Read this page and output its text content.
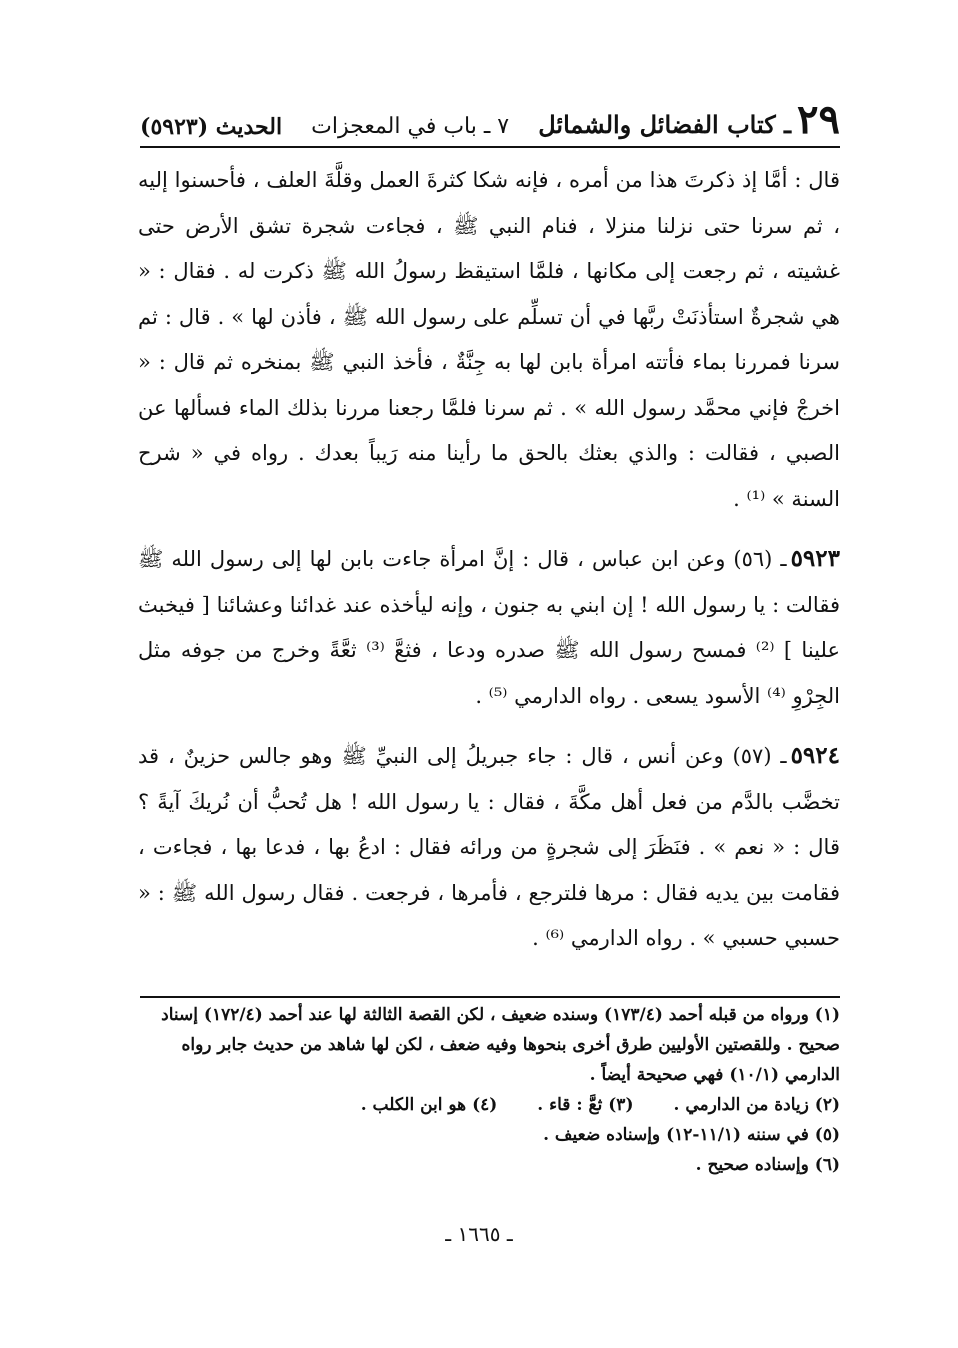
٢٩
ـ كتاب الفضائل والشمائل
٧ ـ باب في المعجزات
الحديث (٥٩٢٣)

قال : أمَّا إذ ذكرتَ هذا من أمره ، فإنه شكا كثرةَ العمل وقلَّةَ العلف ، فأحسنوا إليه ، ثم سرنا حتى نزلنا منزلا ، فنام النبي ﷺ ، فجاءت شجرة تشق الأرض حتى غشيته ، ثم رجعت إلى مكانها ، فلمَّا استيقظ رسولُ الله ﷺ ذكرت له . فقال : « هي شجرةٌ استأذنَتْ ربَّها في أن تسلِّم على رسول الله ﷺ ، فأذن لها » . قال : ثم سرنا فمررنا بماء فأتته امرأة بابن لها به جِنَّةٌ ، فأخذ النبي ﷺ بمنخره ثم قال : « اخرجْ فإني محمَّد رسول الله » . ثم سرنا فلمَّا رجعنا مررنا بذلك الماء فسألها عن الصبي ، فقالت : والذي بعثك بالحق ما رأينا منه رَيباً بعدك . رواه في « شرح السنة » ⁽¹⁾ .

٥٩٢٣ـ (٥٦) وعن ابن عباس ، قال : إنَّ امرأة جاءت بابن لها إلى رسول الله ﷺ فقالت : يا رسول الله ! إن ابني به جنون ، وإنه ليأخذه عند غدائنا وعشائنا [ فيخبث علينا ] ⁽²⁾ فمسح رسول الله ﷺ صدره ودعا ، فثعَّ ⁽³⁾ ثعَّةً وخرج من جوفه مثل الجِرْوِ ⁽⁴⁾ الأسود يسعى . رواه الدارمي ⁽⁵⁾ .

٥٩٢٤ـ (٥٧) وعن أنس ، قال : جاء جبريلُ إلى النبيِّ ﷺ وهو جالس حزينٌ ، قد تخضَّب بالدَّم من فعل أهل مكَّةَ ، فقال : يا رسول الله ! هل تُحبُّ أن نُريكَ آيةً ؟ قال : « نعم » . فنَظَرَ إلى شجرةٍ من ورائه فقال : ادعُ بها ، فدعا بها ، فجاءت ، فقامت بين يديه فقال : مرها فلترجع ، فأمرها ، فرجعت . فقال رسول الله ﷺ : « حسبي حسبي » . رواه الدارمي ⁽⁶⁾ .

(١) ورواه من قبله أحمد (١٧٣/٤) وسنده ضعيف ، لكن القصة الثالثة لها عند أحمد (١٧٢/٤) إسناد صحيح . وللقصتين الأوليين طرق أخرى بنحوها وفيه ضعف ، لكن لها شاهد من حديث جابر رواه الدارمي (١٠/١) فهي صحيحة أيضاً .

(٢) زيادة من الدارمي .
(٣) ثعَّ : قاء .
(٤) هو ابن الكلب .

(٥) في سننه (١١/١-١٢) وإسناده ضعيف .

(٦) وإسناده صحيح .

ـ ١٦٦٥ ـ
